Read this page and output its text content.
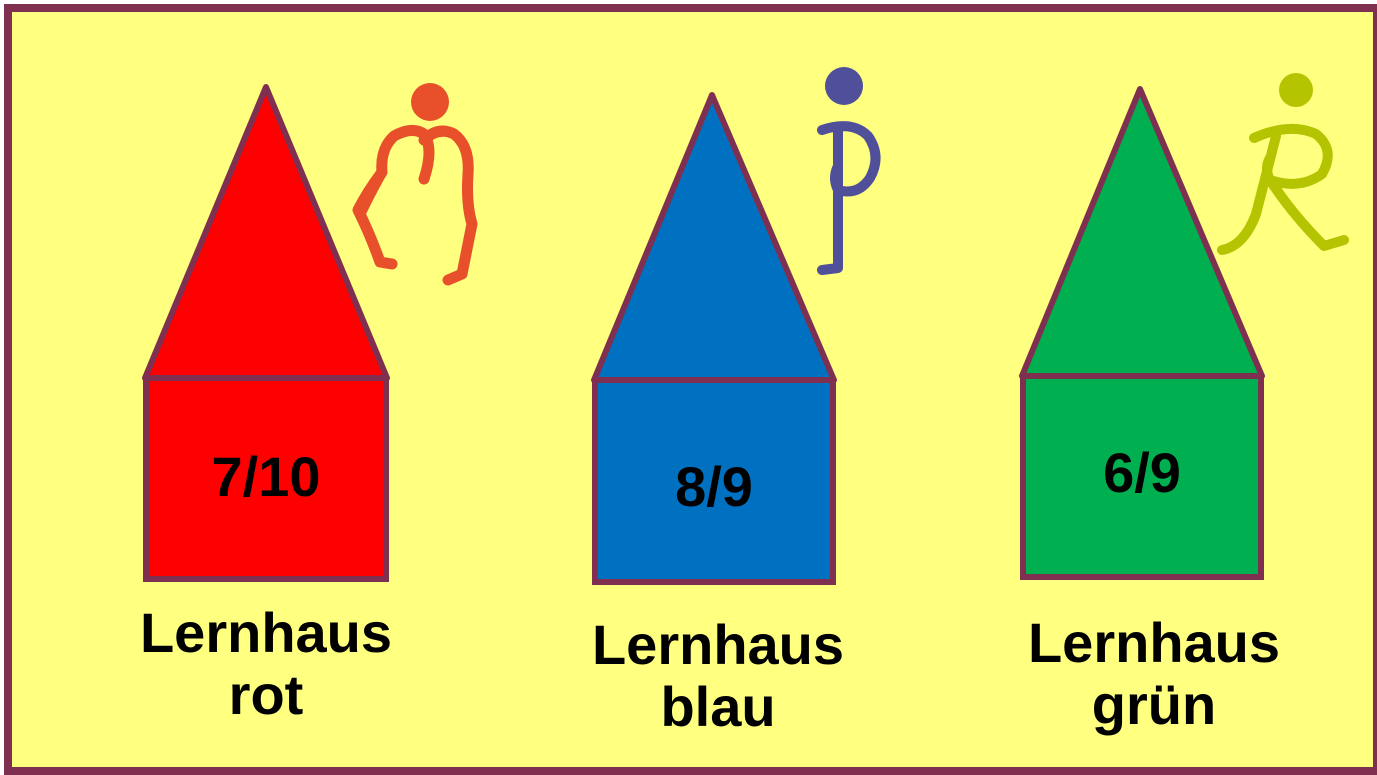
7/10
Lernhaus
rot
8/9
Lernhaus
blau
6/9
Lernhaus
grün
